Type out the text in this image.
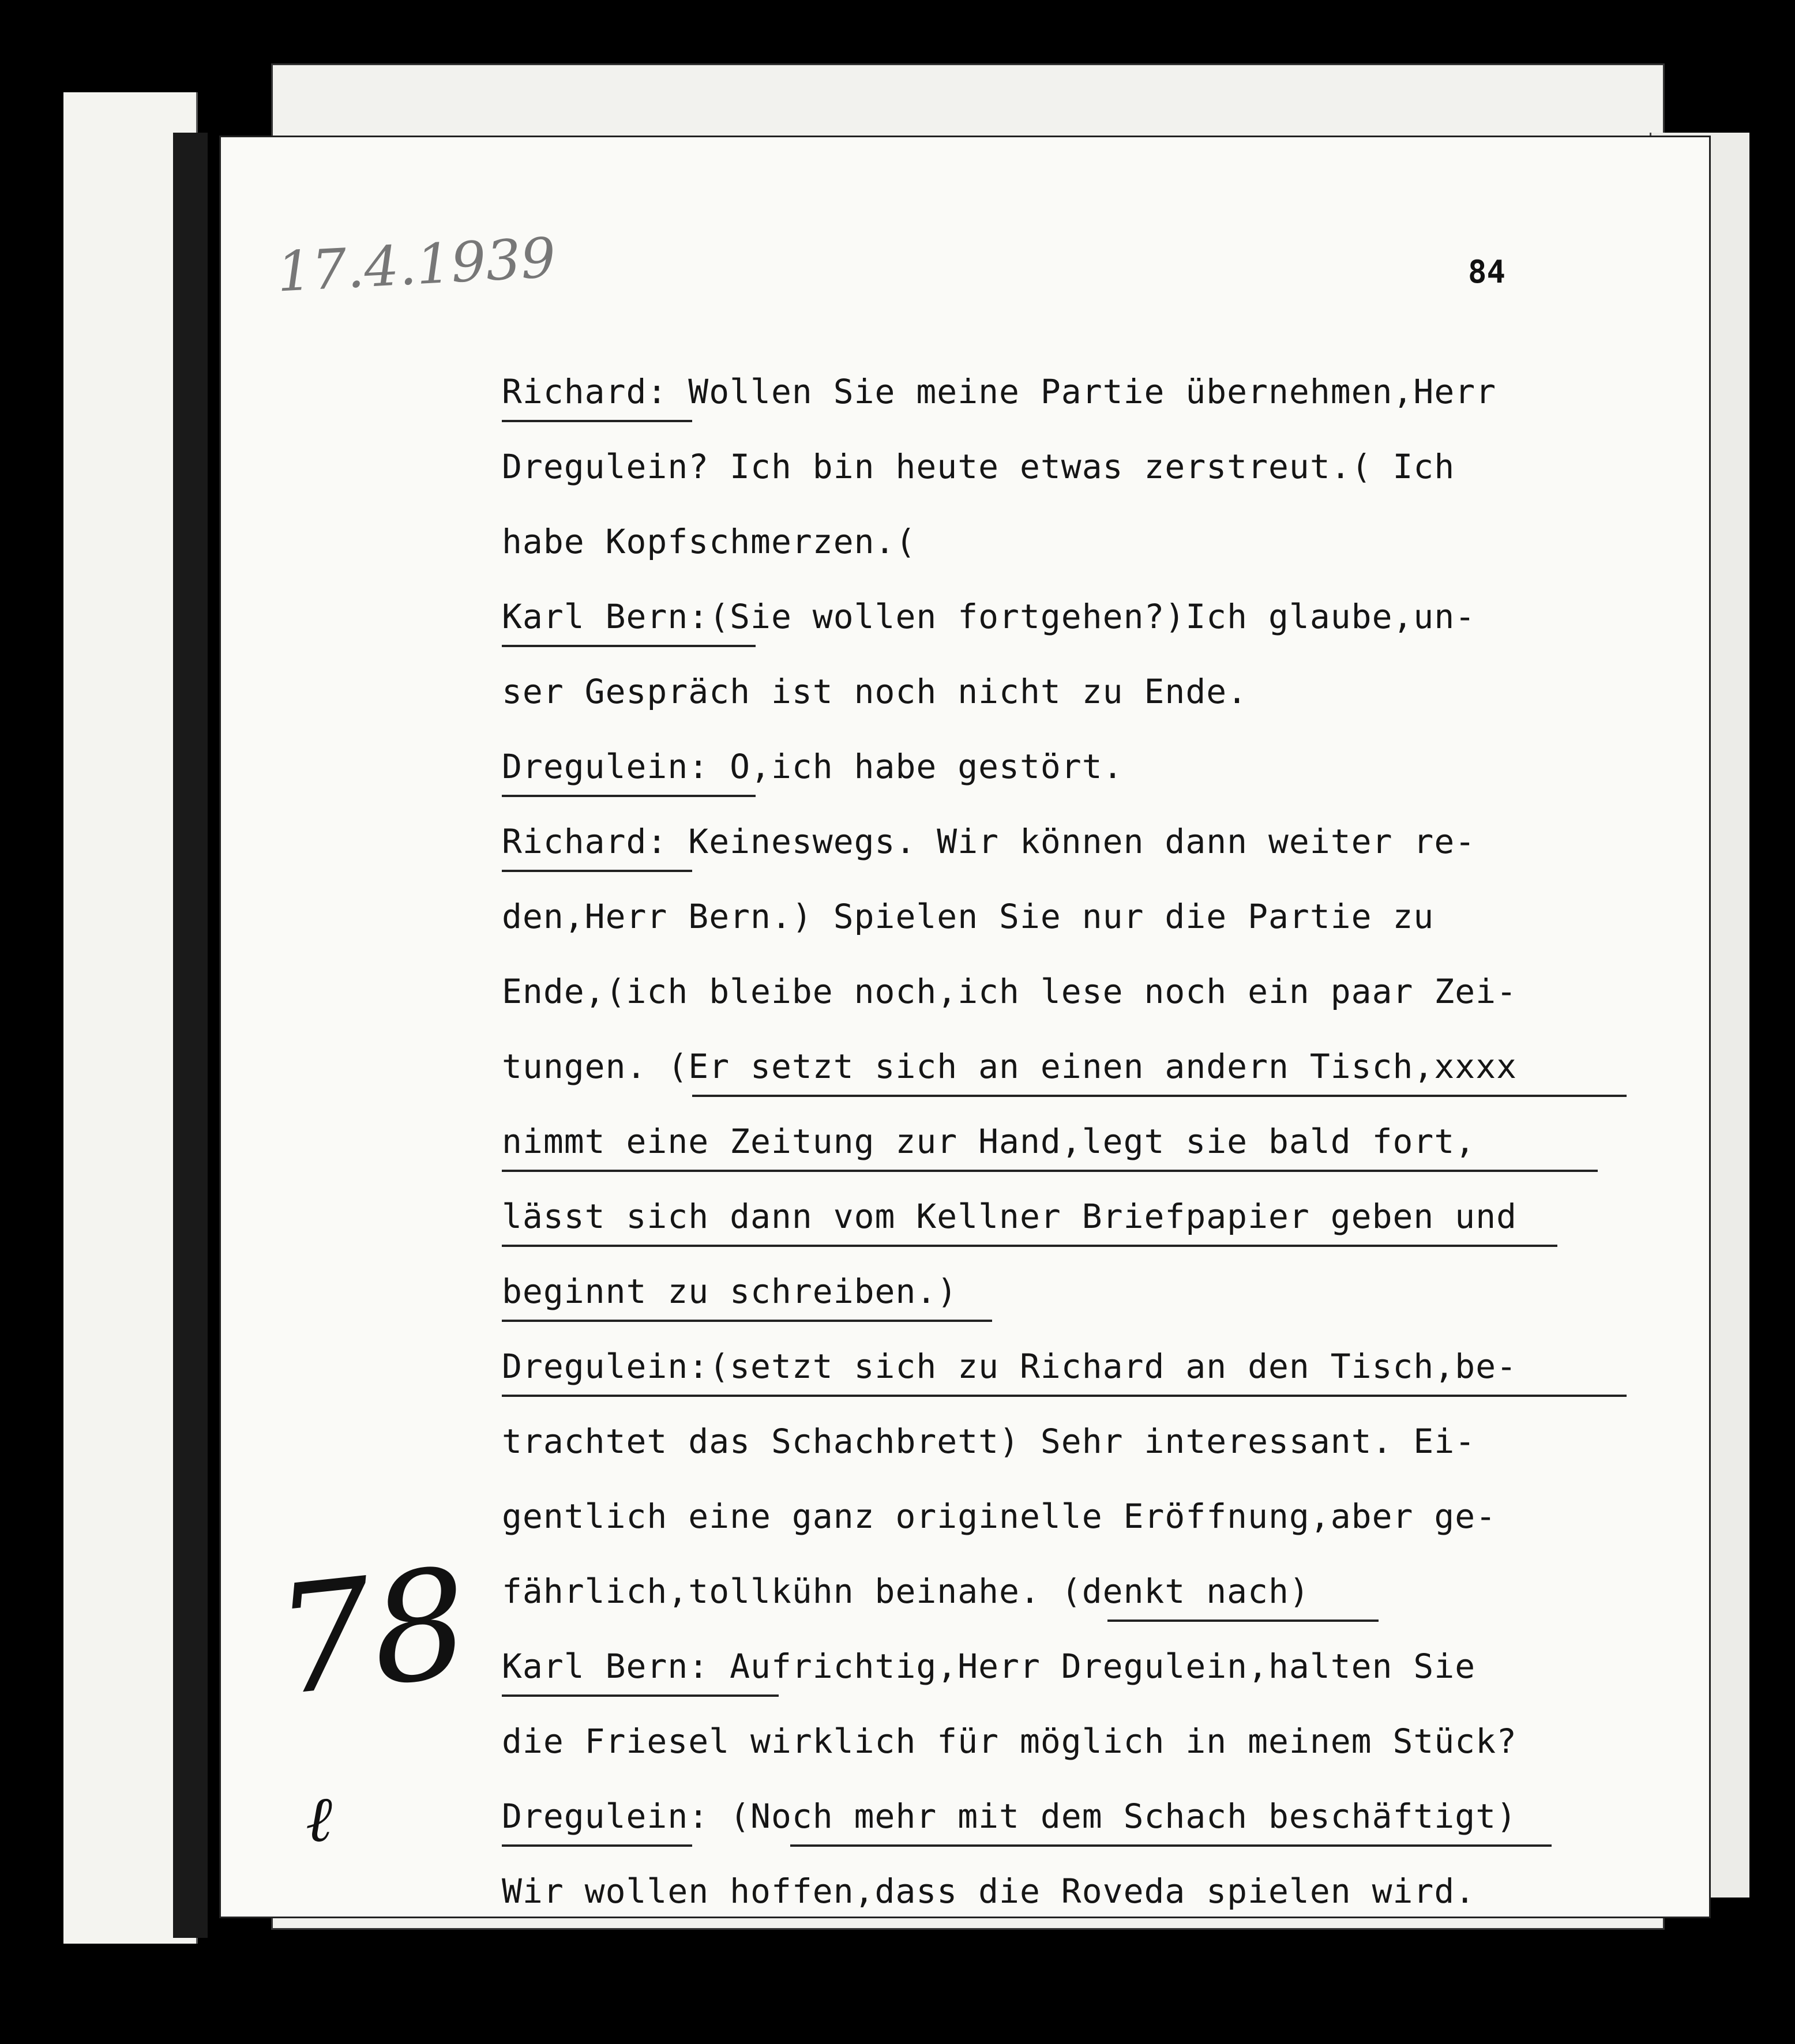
17.4.1939	84
Richard: Wollen Sie meine Partie übernehmen,Herr
Dregulein? Ich bin heute etwas zerstreut.( Ich
habe Kopfschmerzen.(
Karl Bern:(Sie wollen fortgehen?)Ich glaube,un-
ser Gespräch ist noch nicht zu Ende.
Dregulein: O,ich habe gestört.
Richard: Keineswegs. Wir können dann weiter re-
den,Herr Bern.) Spielen Sie nur die Partie zu
Ende,(ich bleibe noch,ich lese noch ein paar Zei-
tungen. (Er setzt sich an einen andern Tisch,xxxx
nimmt eine Zeitung zur Hand,legt sie bald fort,
lässt sich dann vom Kellner Briefpapier geben und
beginnt zu schreiben.)
Dregulein:(setzt sich zu Richard an den Tisch,be-
trachtet das Schachbrett) Sehr interessant. Ei-
gentlich eine ganz originelle Eröffnung,aber ge-
fährlich,tollkühn beinahe. (denkt nach)
Karl Bern: Aufrichtig,Herr Dregulein,halten Sie
die Friesel wirklich für möglich in meinem Stück?
Dregulein: (Noch mehr mit dem Schach beschäftigt)
Wir wollen hoffen,dass die Roveda spielen wird.
78
ℓ
